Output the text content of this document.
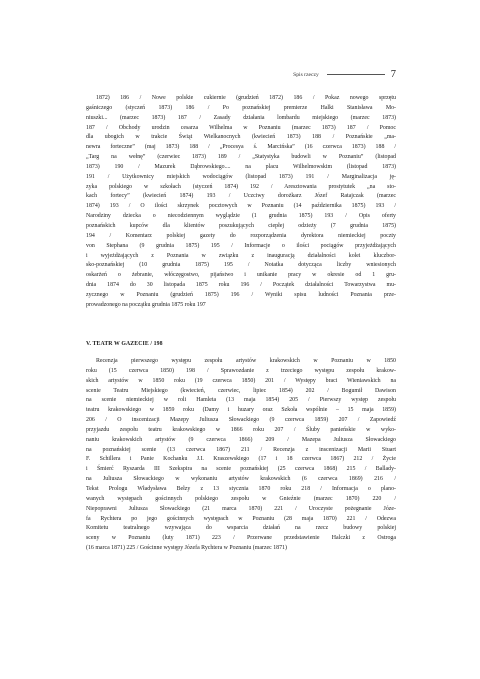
Spis rzeczy	7
1872) 186 / Nowe polskie cukiernie (grudzień 1872) 186 / Pokaz nowego sprzętu
gaśniczego (styczeń 1873) 186 / Po poznańskiej premierze Halki Stanisława Mo-
niuszki... (marzec 1873) 187 / Zasady działania lombardu miejskiego (marzec 1873)
187 / Obchody urodzin cesarza Wilhelma w Poznaniu (marzec 1873) 187 / Pomoc
dla ubogich w trakcie Świąt Wielkanocnych (kwiecień 1873) 188 / Poznańskie „ma-
newra forteczne” (maj 1873) 188 / „Procesya ś. Marcińska” (16 czerwca 1873) 188 /
„Targ na wełnę” (czerwiec 1873) 189 / „Statystyka budowli w Poznaniu” (listopad
1873) 190 / Mazurek Dąbrowskiego.... na placu Wilhelmowskim (listopad 1873)
191 / Użytkownicy miejskich wodociągów (listopad 1873) 191 / Marginalizacja ję-
zyka polskiego w szkołach (styczeń 1874) 192 / Aresztowania prostytutek „na sto-
kach fortecy” (kwiecień 1874) 193 / Uczciwy dorożkarz Józef Ratajczak (marzec
1874) 193 / O ilości skrzynek pocztowych w Poznaniu (14 października 1875) 193 /
Narodziny dziecka o niecodziennym wyglądzie (1 grudnia 1875) 193 / Opis oferty
poznańskich kupców dla klientów poszukujących ciepłej odzieży (7 grudnia 1875)
194 / Komentarz polskiej gazety do rozporządzenia dyrektora niemieckiej poczty
von Stephana (9 grudnia 1875) 195 / Informacje o ilości pociągów przyjeżdżających
i wyjeżdżających z Poznania w związku z inauguracją działalności kolei kluczbor-
sko-poznańskiej (10 grudnia 1875) 195 / Notatka dotycząca liczby wniesionych
oskarżeń o żebranie, włóczęgostwo, pijaństwo i unikanie pracy w okresie od 1 gru-
dnia 1874 do 30 listopada 1875 roku 196 / Początek działalności Towarzystwa mu-
zycznego w Poznaniu (grudzień 1875) 196 / Wyniki spisu ludności Poznania prze-
prowadzonego na początku grudnia 1875 roku 197
V. TEATR W GAZECIE / 198
Recenzja pierwszego występu zespołu artystów krakowskich w Poznaniu w 1850
roku (15 czerwca 1850) 198 / Sprawozdanie z trzeciego występu zespołu krakow-
skich artystów w 1850 roku (19 czerwca 1850) 201 / Występy braci Wieniawskich na
scenie Teatru Miejskiego (kwiecień, czerwiec, lipiec 1854) 202 / Bogumił Dawison
na scenie niemieckiej w roli Hamleta (13 maja 1854) 205 / Pierwszy występ zespołu
teatru krakowskiego w 1859 roku (Damy i huzary oraz Szkoła wspólnie – 15 maja 1859)
206 / O inscenizacji Mazepy Juliusza Słowackiego (9 czerwca 1859) 207 / Zapowiedź
przyjazdu zespołu teatru krakowskiego w 1866 roku 207 / Śluby panieńskie w wyko-
naniu krakowskich artystów (9 czerwca 1866) 209 / Mazepa Juliusza Słowackiego
na poznańskiej scenie (13 czerwca 1867) 211 / Recenzja z inscenizacji Marii Stuart
F. Schillera i Panie Kochanku J.I. Kraszewskiego (17 i 18 czerwca 1867) 212 / Życie
i Śmierć Ryszarda III Szekspira na scenie poznańskiej (25 czerwca 1868) 215 / Ballady-
na Juliusza Słowackiego w wykonaniu artystów krakowskich (6 czerwca 1869) 216 /
Tekst Prologu Władysława Bełzy z 13 stycznia 1870 roku 218 / Informacja o plano-
wanych występach gościnnych polskiego zespołu w Gnieźnie (marzec 1870) 220 /
Niepoprawni Juliusza Słowackiego (21 marca 1870) 221 / Uroczyste pożegnanie Józe-
fa Rychtera po jego gościnnych występach w Poznaniu (28 maja 1870) 221 / Odezwa
Komitetu teatralnego wzywająca do wsparcia działań na rzecz budowy polskiej
sceny w Poznaniu (luty 1871) 223 / Przerwane przedstawienie Halczki z Ostroga
(16 marca 1871) 225 / Gościnne występy Józefa Rychtera w Poznaniu (marzec 1871)
